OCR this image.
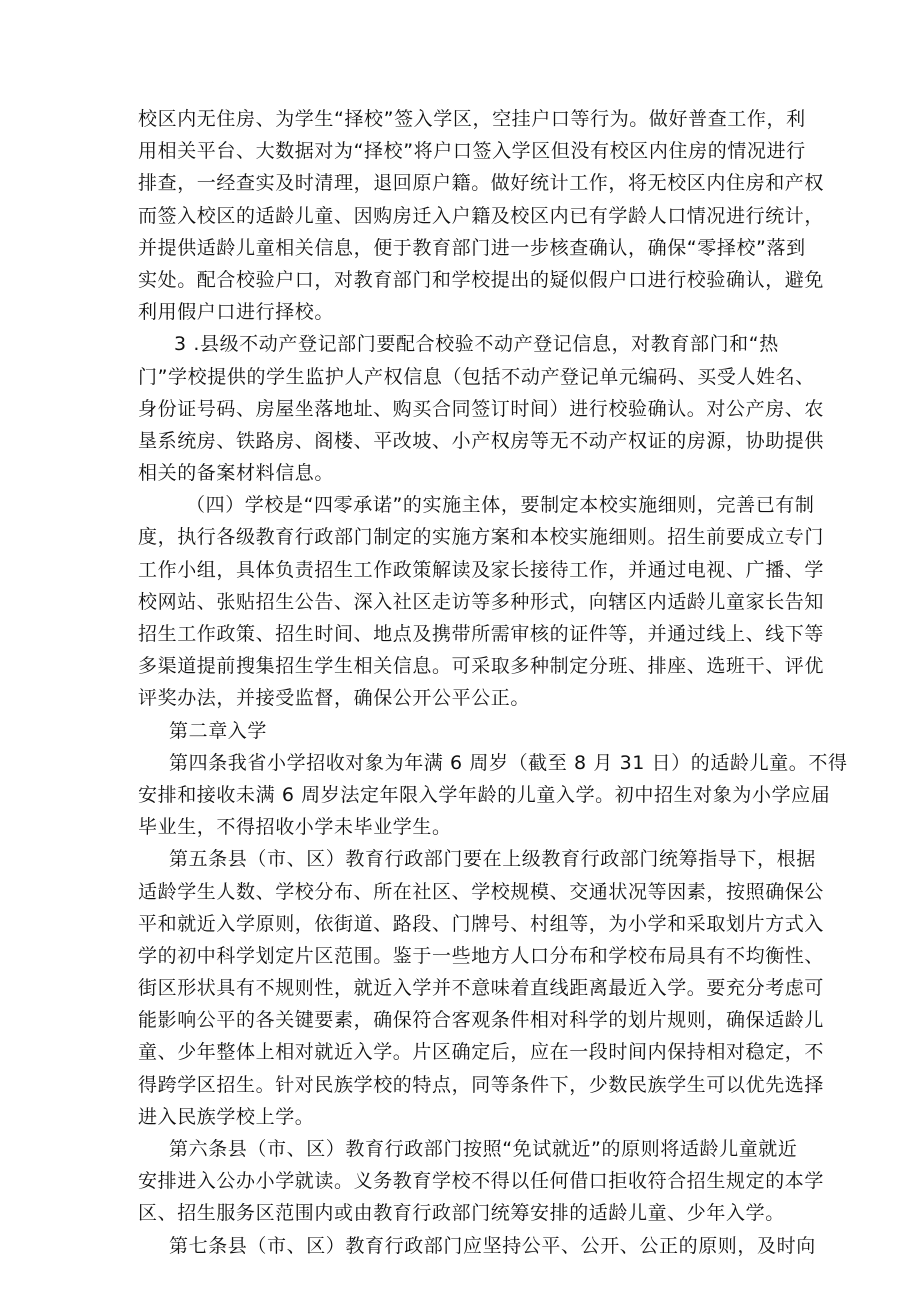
校区内无住房、为学生“择校”签入学区，空挂户口等行为。做好普查工作，利
用相关平台、大数据对为“择校”将户口签入学区但没有校区内住房的情况进行
排查，一经查实及时清理，退回原户籍。做好统计工作，将无校区内住房和产权
而签入校区的适龄儿童、因购房迁入户籍及校区内已有学龄人口情况进行统计，
并提供适龄儿童相关信息，便于教育部门进一步核查确认，确保“零择校”落到
实处。配合校验户口，对教育部门和学校提出的疑似假户口进行校验确认，避免
利用假户口进行择校。

3 .县级不动产登记部门要配合校验不动产登记信息，对教育部门和“热
门”学校提供的学生监护人产权信息（包括不动产登记单元编码、买受人姓名、
身份证号码、房屋坐落地址、购买合同签订时间）进行校验确认。对公产房、农
垦系统房、铁路房、阁楼、平改坡、小产权房等无不动产权证的房源，协助提供
相关的备案材料信息。

（四）学校是“四零承诺”的实施主体，要制定本校实施细则，完善已有制
度，执行各级教育行政部门制定的实施方案和本校实施细则。招生前要成立专门
工作小组，具体负责招生工作政策解读及家长接待工作，并通过电视、广播、学
校网站、张贴招生公告、深入社区走访等多种形式，向辖区内适龄儿童家长告知
招生工作政策、招生时间、地点及携带所需审核的证件等，并通过线上、线下等
多渠道提前搜集招生学生相关信息。可采取多种制定分班、排座、选班干、评优
评奖办法，并接受监督，确保公开公平公正。

第二章入学

第四条我省小学招收对象为年满 6 周岁（截至 8 月 31 日）的适龄儿童。不得
安排和接收未满 6 周岁法定年限入学年龄的儿童入学。初中招生对象为小学应届
毕业生，不得招收小学未毕业学生。

第五条县（市、区）教育行政部门要在上级教育行政部门统筹指导下，根据
适龄学生人数、学校分布、所在社区、学校规模、交通状况等因素，按照确保公
平和就近入学原则，依街道、路段、门牌号、村组等，为小学和采取划片方式入
学的初中科学划定片区范围。鉴于一些地方人口分布和学校布局具有不均衡性、
街区形状具有不规则性，就近入学并不意味着直线距离最近入学。要充分考虑可
能影响公平的各关键要素，确保符合客观条件相对科学的划片规则，确保适龄儿
童、少年整体上相对就近入学。片区确定后，应在一段时间内保持相对稳定，不
得跨学区招生。针对民族学校的特点，同等条件下，少数民族学生可以优先选择
进入民族学校上学。

第六条县（市、区）教育行政部门按照“免试就近”的原则将适龄儿童就近
安排进入公办小学就读。义务教育学校不得以任何借口拒收符合招生规定的本学
区、招生服务区范围内或由教育行政部门统筹安排的适龄儿童、少年入学。

第七条县（市、区）教育行政部门应坚持公平、公开、公正的原则，及时向
